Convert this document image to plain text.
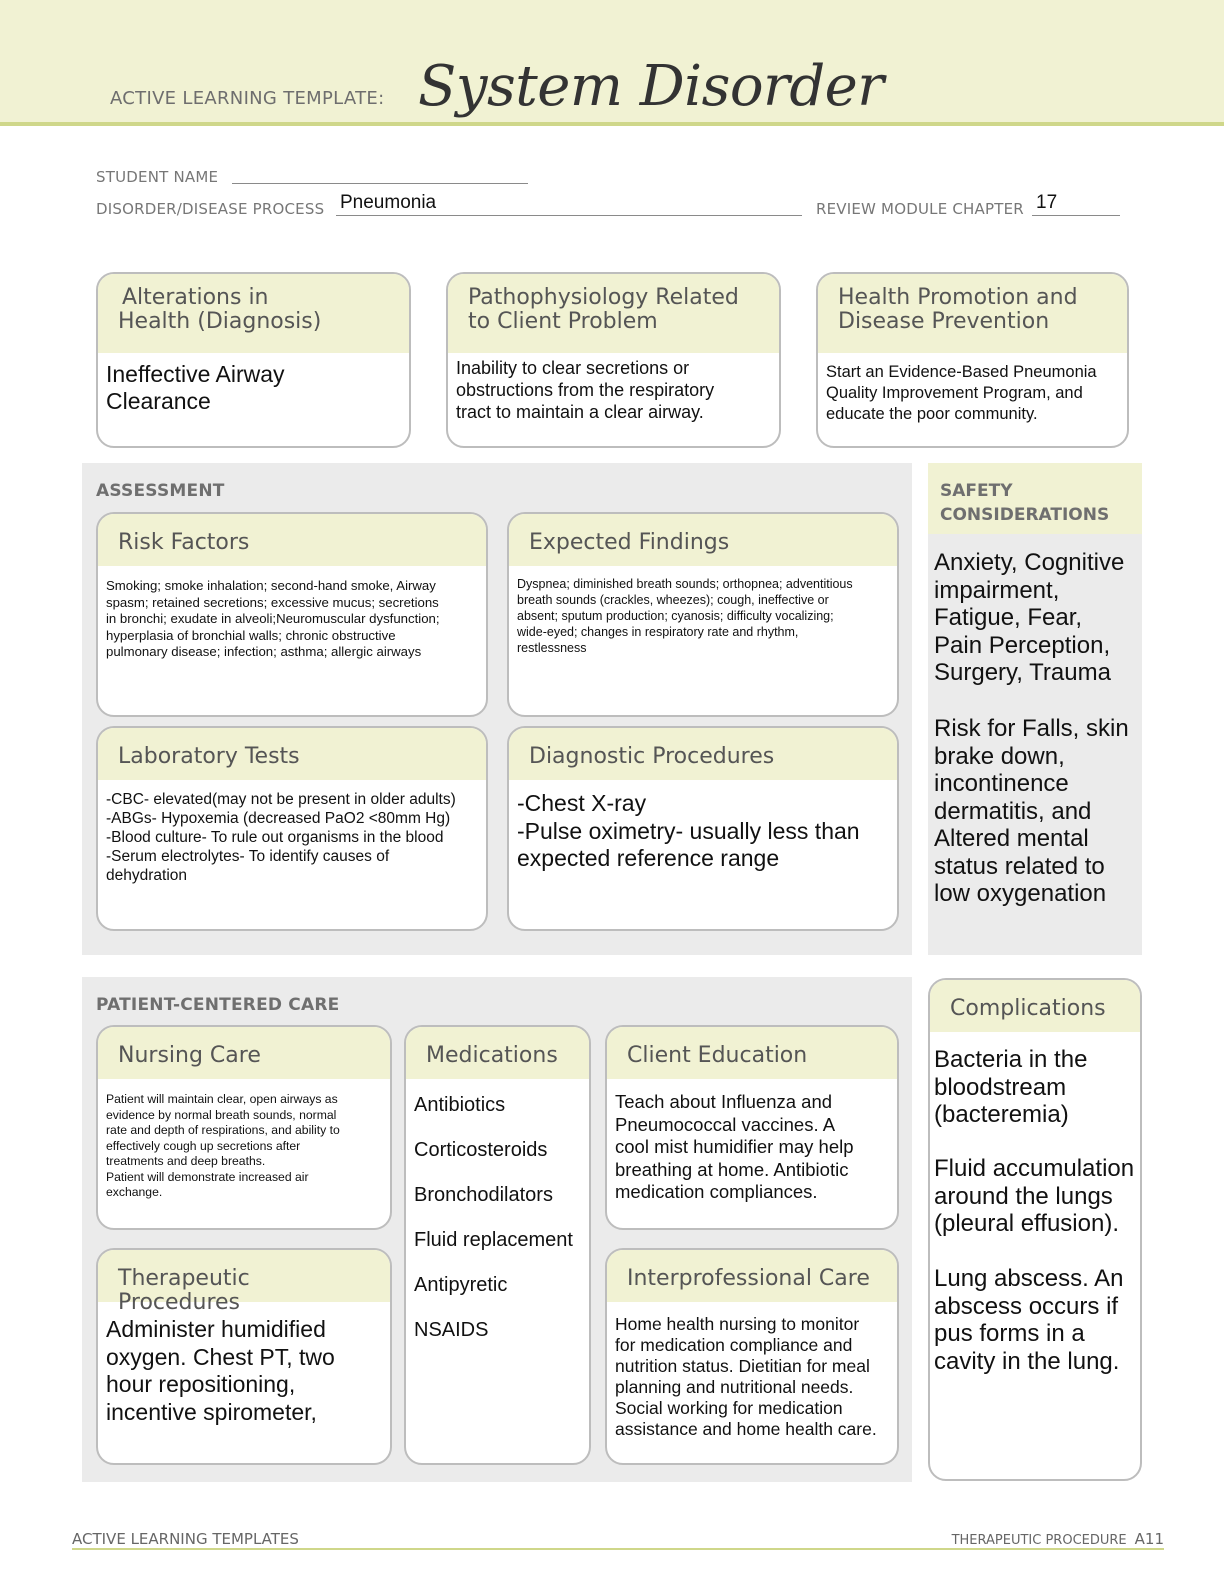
ACTIVE LEARNING TEMPLATE: System Disorder
STUDENT NAME
DISORDER/DISEASE PROCESS Pneumonia	REVIEW MODULE CHAPTER 17
Alterations in
Health (Diagnosis)
Ineffective Airway
Clearance
Pathophysiology Related
to Client Problem
Inability to clear secretions or
obstructions from the respiratory
tract to maintain a clear airway.
Health Promotion and
Disease Prevention
Start an Evidence-Based Pneumonia
Quality Improvement Program, and
educate the poor community.
ASSESSMENT
Risk Factors
Smoking; smoke inhalation; second-hand smoke, Airway
spasm; retained secretions; excessive mucus; secretions
in bronchi; exudate in alveoli;Neuromuscular dysfunction;
hyperplasia of bronchial walls; chronic obstructive
pulmonary disease; infection; asthma; allergic airways
Expected Findings
Dyspnea; diminished breath sounds; orthopnea; adventitious
breath sounds (crackles, wheezes); cough, ineffective or
absent; sputum production; cyanosis; difficulty vocalizing;
wide-eyed; changes in respiratory rate and rhythm,
restlessness
Laboratory Tests
-CBC- elevated(may not be present in older adults)
-ABGs- Hypoxemia (decreased PaO2 <80mm Hg)
-Blood culture- To rule out organisms in the blood
-Serum electrolytes- To identify causes of
dehydration
Diagnostic Procedures
-Chest X-ray
-Pulse oximetry- usually less than
expected reference range
SAFETY
CONSIDERATIONS
Anxiety, Cognitive
impairment,
Fatigue, Fear,
Pain Perception,
Surgery, Trauma
Risk for Falls, skin
brake down,
incontinence
dermatitis, and
Altered mental
status related to
low oxygenation
PATIENT-CENTERED CARE
Nursing Care
Patient will maintain clear, open airways as
evidence by normal breath sounds, normal
rate and depth of respirations, and ability to
effectively cough up secretions after
treatments and deep breaths.
Patient will demonstrate increased air
exchange.
Medications
Antibiotics
Corticosteroids
Bronchodilators
Fluid replacement
Antipyretic
NSAIDS
Client Education
Teach about Influenza and
Pneumococcal vaccines. A
cool mist humidifier may help
breathing at home. Antibiotic
medication compliances.
Therapeutic Procedures
Administer humidified
oxygen. Chest PT, two
hour repositioning,
incentive spirometer,
Interprofessional Care
Home health nursing to monitor
for medication compliance and
nutrition status. Dietitian for meal
planning and nutritional needs.
Social working for medication
assistance and home health care.
Complications
Bacteria in the
bloodstream
(bacteremia)
Fluid accumulation
around the lungs
(pleural effusion).
Lung abscess. An
abscess occurs if
pus forms in a
cavity in the lung.
ACTIVE LEARNING TEMPLATES	THERAPEUTIC PROCEDURE A11
